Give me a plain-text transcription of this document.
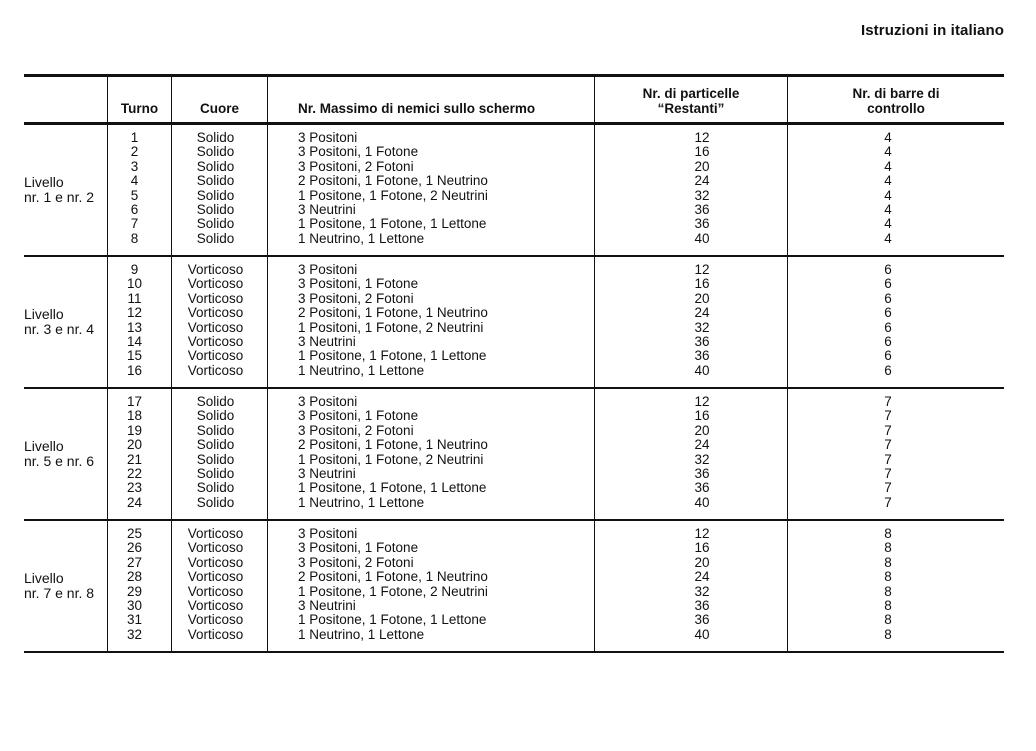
Istruzioni in italiano
Turno	Cuore	Nr. Massimo di nemici sullo schermo
Nr. di particelle
“Restanti”
Nr. di barre di
controllo
Livello
nr. 1 e nr. 2
1
2
3
4
5
6
7
8
Solido
Solido
Solido
Solido
Solido
Solido
Solido
Solido
3 Positoni
3 Positoni, 1 Fotone
3 Positoni, 2 Fotoni
2 Positoni, 1 Fotone, 1 Neutrino
1 Positone, 1 Fotone, 2 Neutrini
3 Neutrini
1 Positone, 1 Fotone, 1 Lettone
1 Neutrino, 1 Lettone
12
16
20
24
32
36
36
40
4
4
4
4
4
4
4
4
Livello
nr. 3 e nr. 4
9
10
11
12
13
14
15
16
Vorticoso
Vorticoso
Vorticoso
Vorticoso
Vorticoso
Vorticoso
Vorticoso
Vorticoso
3 Positoni
3 Positoni, 1 Fotone
3 Positoni, 2 Fotoni
2 Positoni, 1 Fotone, 1 Neutrino
1 Positoni, 1 Fotone, 2 Neutrini
3 Neutrini
1 Positone, 1 Fotone, 1 Lettone
1 Neutrino, 1 Lettone
12
16
20
24
32
36
36
40
6
6
6
6
6
6
6
6
Livello
nr. 5 e nr. 6
17
18
19
20
21
22
23
24
Solido
Solido
Solido
Solido
Solido
Solido
Solido
Solido
3 Positoni
3 Positoni, 1 Fotone
3 Positoni, 2 Fotoni
2 Positoni, 1 Fotone, 1 Neutrino
1 Positoni, 1 Fotone, 2 Neutrini
3 Neutrini
1 Positone, 1 Fotone, 1 Lettone
1 Neutrino, 1 Lettone
12
16
20
24
32
36
36
40
7
7
7
7
7
7
7
7
Livello
nr. 7 e nr. 8
25
26
27
28
29
30
31
32
Vorticoso
Vorticoso
Vorticoso
Vorticoso
Vorticoso
Vorticoso
Vorticoso
Vorticoso
3 Positoni
3 Positoni, 1 Fotone
3 Positoni, 2 Fotoni
2 Positoni, 1 Fotone, 1 Neutrino
1 Positone, 1 Fotone, 2 Neutrini
3 Neutrini
1 Positone, 1 Fotone, 1 Lettone
1 Neutrino, 1 Lettone
12
16
20
24
32
36
36
40
8
8
8
8
8
8
8
8
